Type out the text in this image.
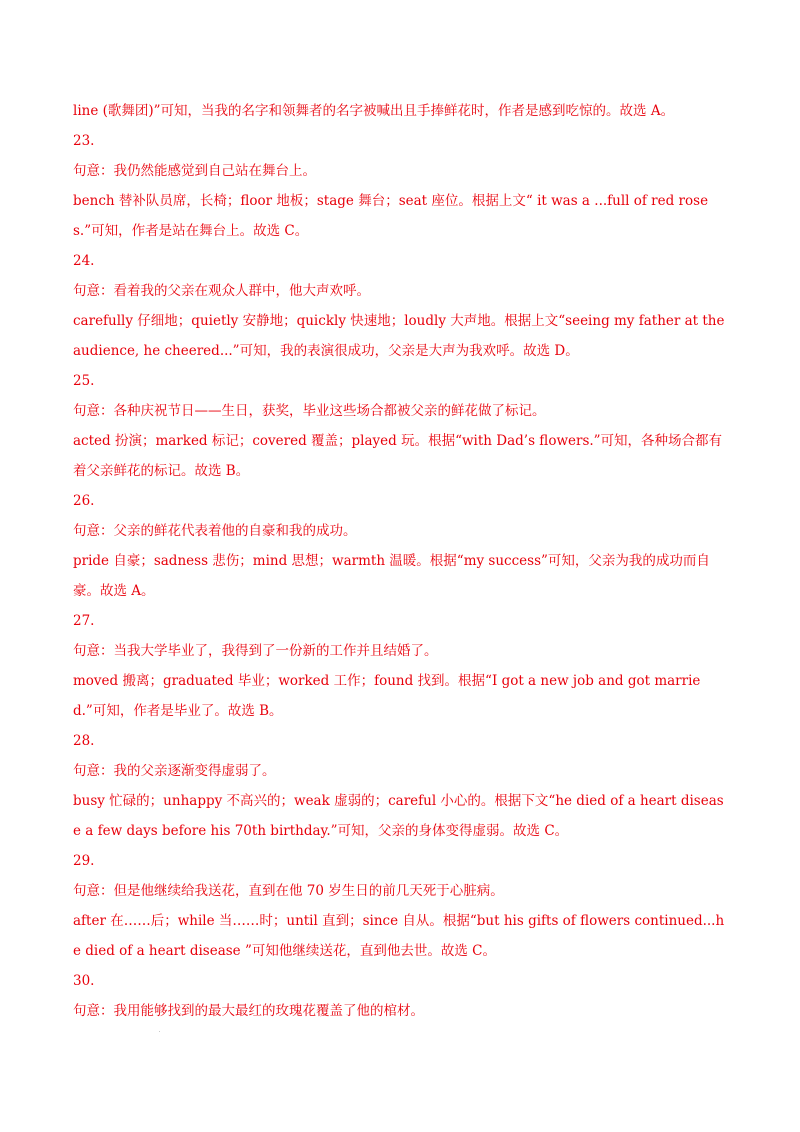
line (歌舞团)”可知，当我的名字和领舞者的名字被喊出且手捧鲜花时，作者是感到吃惊的。故选 A。
23.
句意：我仍然能感觉到自己站在舞台上。
bench 替补队员席，长椅；floor 地板；stage 舞台；seat 座位。根据上文“ it was a ...full of red roses.”可知，作者是站在舞台上。故选 C。
24.
句意：看着我的父亲在观众人群中，他大声欢呼。
carefully 仔细地；quietly 安静地；quickly 快速地；loudly 大声地。根据上文“seeing my father at the audience, he cheered...”可知，我的表演很成功，父亲是大声为我欢呼。故选 D。
25.
句意：各种庆祝节日——生日，获奖，毕业这些场合都被父亲的鲜花做了标记。
acted 扮演；marked 标记；covered 覆盖；played 玩。根据“with Dad’s flowers.”可知，各种场合都有着父亲鲜花的标记。故选 B。
26.
句意：父亲的鲜花代表着他的自豪和我的成功。
pride 自豪；sadness 悲伤；mind 思想；warmth 温暖。根据“my success”可知，父亲为我的成功而自豪。故选 A。
27.
句意：当我大学毕业了，我得到了一份新的工作并且结婚了。
moved 搬离；graduated 毕业；worked 工作；found 找到。根据“I got a new job and got married.”可知，作者是毕业了。故选 B。
28.
句意：我的父亲逐渐变得虚弱了。
busy 忙碌的；unhappy 不高兴的；weak 虚弱的；careful 小心的。根据下文“he died of a heart disease a few days before his 70th birthday.”可知，父亲的身体变得虚弱。故选 C。
29.
句意：但是他继续给我送花，直到在他 70 岁生日的前几天死于心脏病。
after 在……后；while 当……时；until 直到；since 自从。根据“but his gifts of flowers continued...he died of a heart disease ”可知他继续送花，直到他去世。故选 C。
30.
句意：我用能够找到的最大最红的玫瑰花覆盖了他的棺材。
